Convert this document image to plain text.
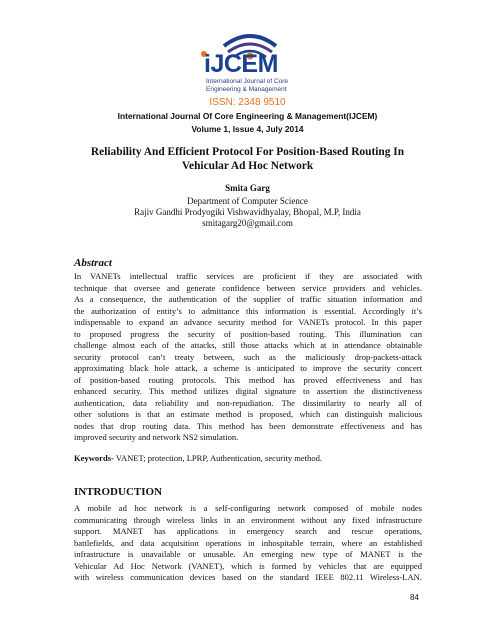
iJCEM
International Journal of Core
Engineering & Management
ISSN: 2348 9510
International Journal Of Core Engineering & Management(IJCEM)
Volume 1, Issue 4, July 2014
Reliability And Efficient Protocol For Position-Based Routing In
Vehicular Ad Hoc Network
Smita Garg
Department of Computer Science
Rajiv Gandhi Prodyogiki Vishwavidhyalay, Bhopal, M.P, India
smitagarg20@gmail.com
Abstract
In VANETs intellectual traffic services are proficient if they are associated with
technique that oversee and generate confidence between service providers and vehicles.
As a consequence, the authentication of the supplier of traffic situation information and
the authorization of entity’s to admittance this information is essential. Accordingly it’s
indispensable to expand an advance security method for VANETs protocol. In this paper
to proposed progress the security of position-based routing. This illumination can
challenge almost each of the attacks, still those attacks which at in attendance obtainable
security protocol can’t treaty between, such as the maliciously drop-packets-attack
approximating black hole attack, a scheme is anticipated to improve the security concert
of position-based routing protocols. This method has proved effectiveness and has
enhanced security. This method utilizes digital signature to assertion the distinctiveness
authentication, data reliability and non-repudiation. The dissimilarity to nearly all of
other solutions is that an estimate method is proposed, which can distinguish malicious
nodes that drop routing data. This method has been demonstrate effectiveness and has
improved security and network NS2 simulation.
Keywords- VANET; protection, LPRP, Authentication, security method.
INTRODUCTION
A mobile ad hoc network is a self-configuring network composed of mobile nodes
communicating through wireless links in an environment without any fixed infrastructure
support. MANET has applications in emergency search and rescue operations,
battlefields, and data acquisition operations in inhospitable terrain, where an established
infrastructure is unavailable or unusable. An emerging new type of MANET is the
Vehicular Ad Hoc Network (VANET), which is formed by vehicles that are equipped
with wireless communication devices based on the standard IEEE 802.11 Wireless-LAN.
84
